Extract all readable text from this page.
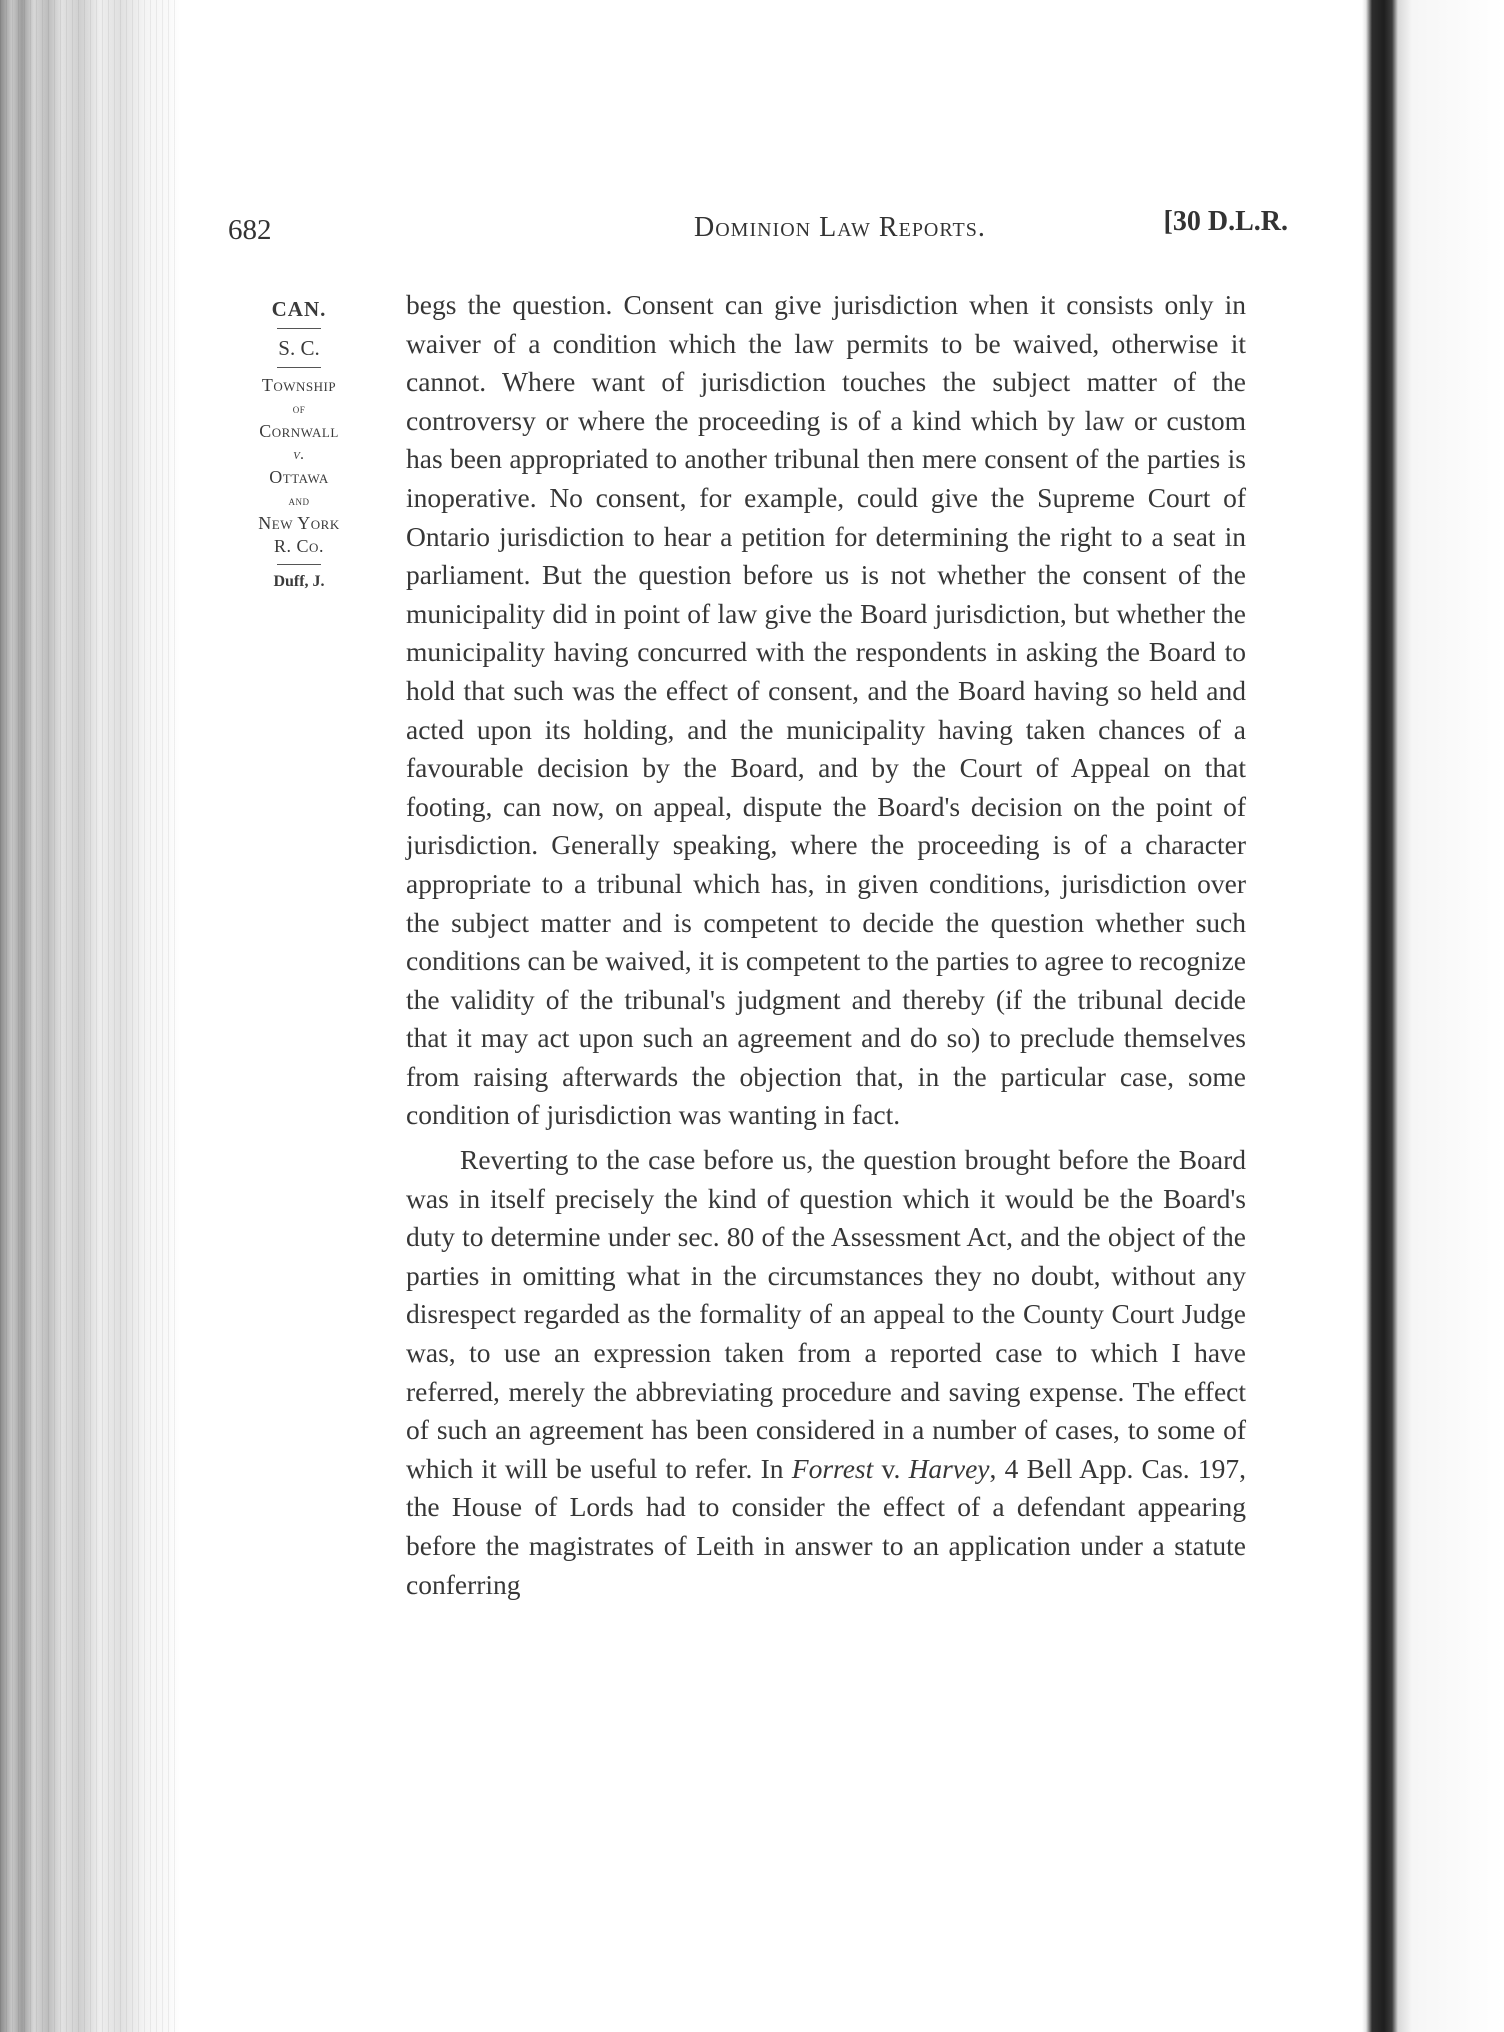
682	Dominion Law Reports.	[30 D.L.R.
CAN.
S. C.
Township
of
Cornwall
v.
Ottawa
and
New York
R. Co.
Duff, J.

begs the question. Consent can give jurisdiction when it consists only in waiver of a condition which the law permits to be waived, otherwise it cannot. Where want of jurisdiction touches the subject matter of the controversy or where the proceeding is of a kind which by law or custom has been appropriated to another tribunal then mere consent of the parties is inoperative. No consent, for example, could give the Supreme Court of Ontario jurisdiction to hear a petition for determining the right to a seat in parliament. But the question before us is not whether the consent of the municipality did in point of law give the Board jurisdiction, but whether the municipality having concurred with the respondents in asking the Board to hold that such was the effect of consent, and the Board having so held and acted upon its holding, and the municipality having taken chances of a favourable decision by the Board, and by the Court of Appeal on that footing, can now, on appeal, dispute the Board's decision on the point of jurisdiction. Generally speaking, where the proceeding is of a character appropriate to a tribunal which has, in given conditions, jurisdiction over the subject matter and is competent to decide the question whether such conditions can be waived, it is competent to the parties to agree to recognize the validity of the tribunal's judgment and thereby (if the tribunal decide that it may act upon such an agreement and do so) to preclude themselves from raising afterwards the objection that, in the particular case, some condition of jurisdiction was wanting in fact.

Reverting to the case before us, the question brought before the Board was in itself precisely the kind of question which it would be the Board's duty to determine under sec. 80 of the Assessment Act, and the object of the parties in omitting what in the circumstances they no doubt, without any disrespect regarded as the formality of an appeal to the County Court Judge was, to use an expression taken from a reported case to which I have referred, merely the abbreviating procedure and saving expense. The effect of such an agreement has been considered in a number of cases, to some of which it will be useful to refer. In Forrest v. Harvey, 4 Bell App. Cas. 197, the House of Lords had to consider the effect of a defendant appearing before the magistrates of Leith in answer to an application under a statute conferring
